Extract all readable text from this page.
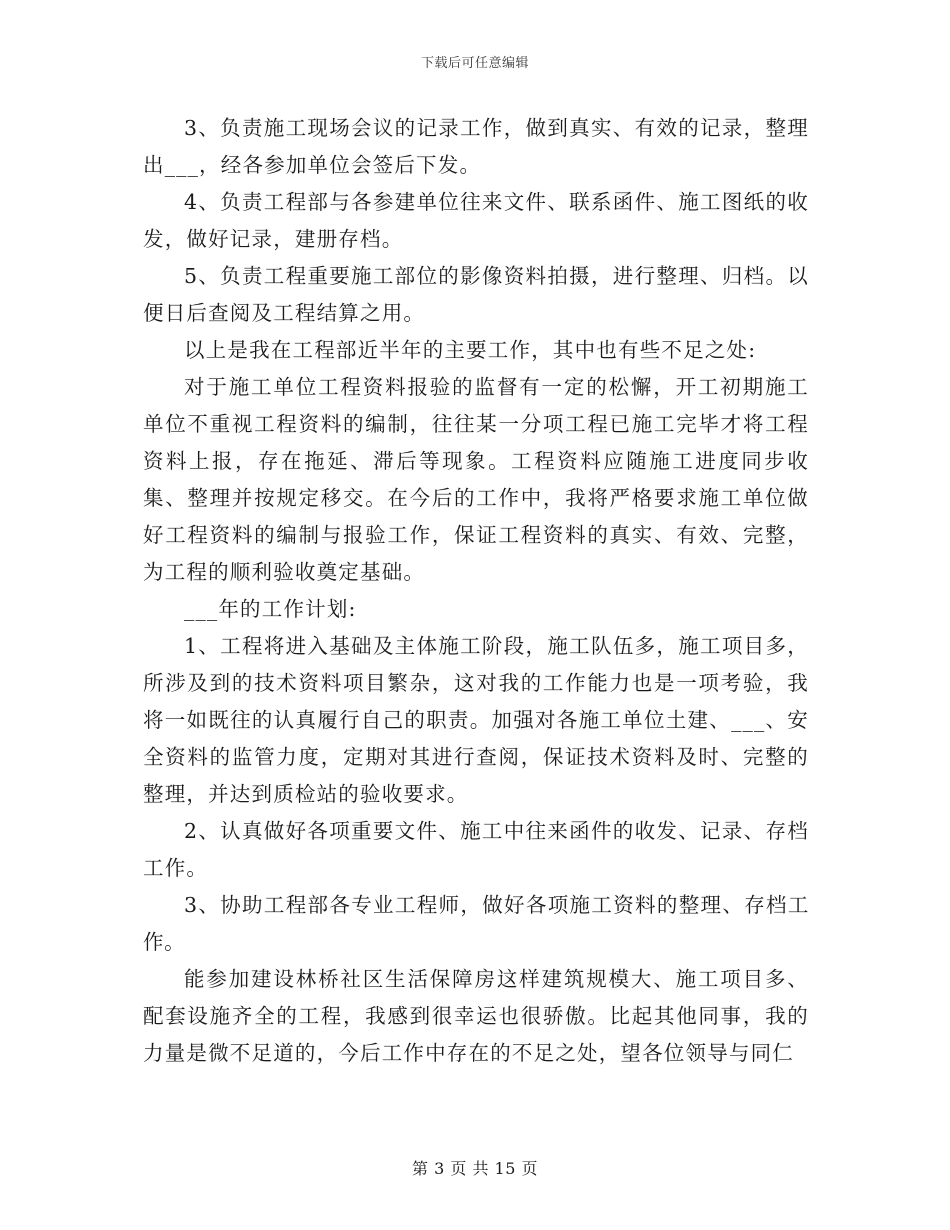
下载后可任意编辑

3、负责施工现场会议的记录工作，做到真实、有效的记录，整理出___，经各参加单位会签后下发。

4、负责工程部与各参建单位往来文件、联系函件、施工图纸的收发，做好记录，建册存档。

5、负责工程重要施工部位的影像资料拍摄，进行整理、归档。以便日后查阅及工程结算之用。

以上是我在工程部近半年的主要工作，其中也有些不足之处:

对于施工单位工程资料报验的监督有一定的松懈，开工初期施工单位不重视工程资料的编制，往往某一分项工程已施工完毕才将工程资料上报，存在拖延、滞后等现象。工程资料应随施工进度同步收集、整理并按规定移交。在今后的工作中，我将严格要求施工单位做好工程资料的编制与报验工作，保证工程资料的真实、有效、完整，为工程的顺利验收奠定基础。

___年的工作计划:

1、工程将进入基础及主体施工阶段，施工队伍多，施工项目多，所涉及到的技术资料项目繁杂，这对我的工作能力也是一项考验，我将一如既往的认真履行自己的职责。加强对各施工单位土建、___、安全资料的监管力度，定期对其进行查阅，保证技术资料及时、完整的整理，并达到质检站的验收要求。

2、认真做好各项重要文件、施工中往来函件的收发、记录、存档工作。

3、协助工程部各专业工程师，做好各项施工资料的整理、存档工作。

能参加建设林桥社区生活保障房这样建筑规模大、施工项目多、配套设施齐全的工程，我感到很幸运也很骄傲。比起其他同事，我的力量是微不足道的，今后工作中存在的不足之处，望各位领导与同仁

第 3 页 共 15 页
